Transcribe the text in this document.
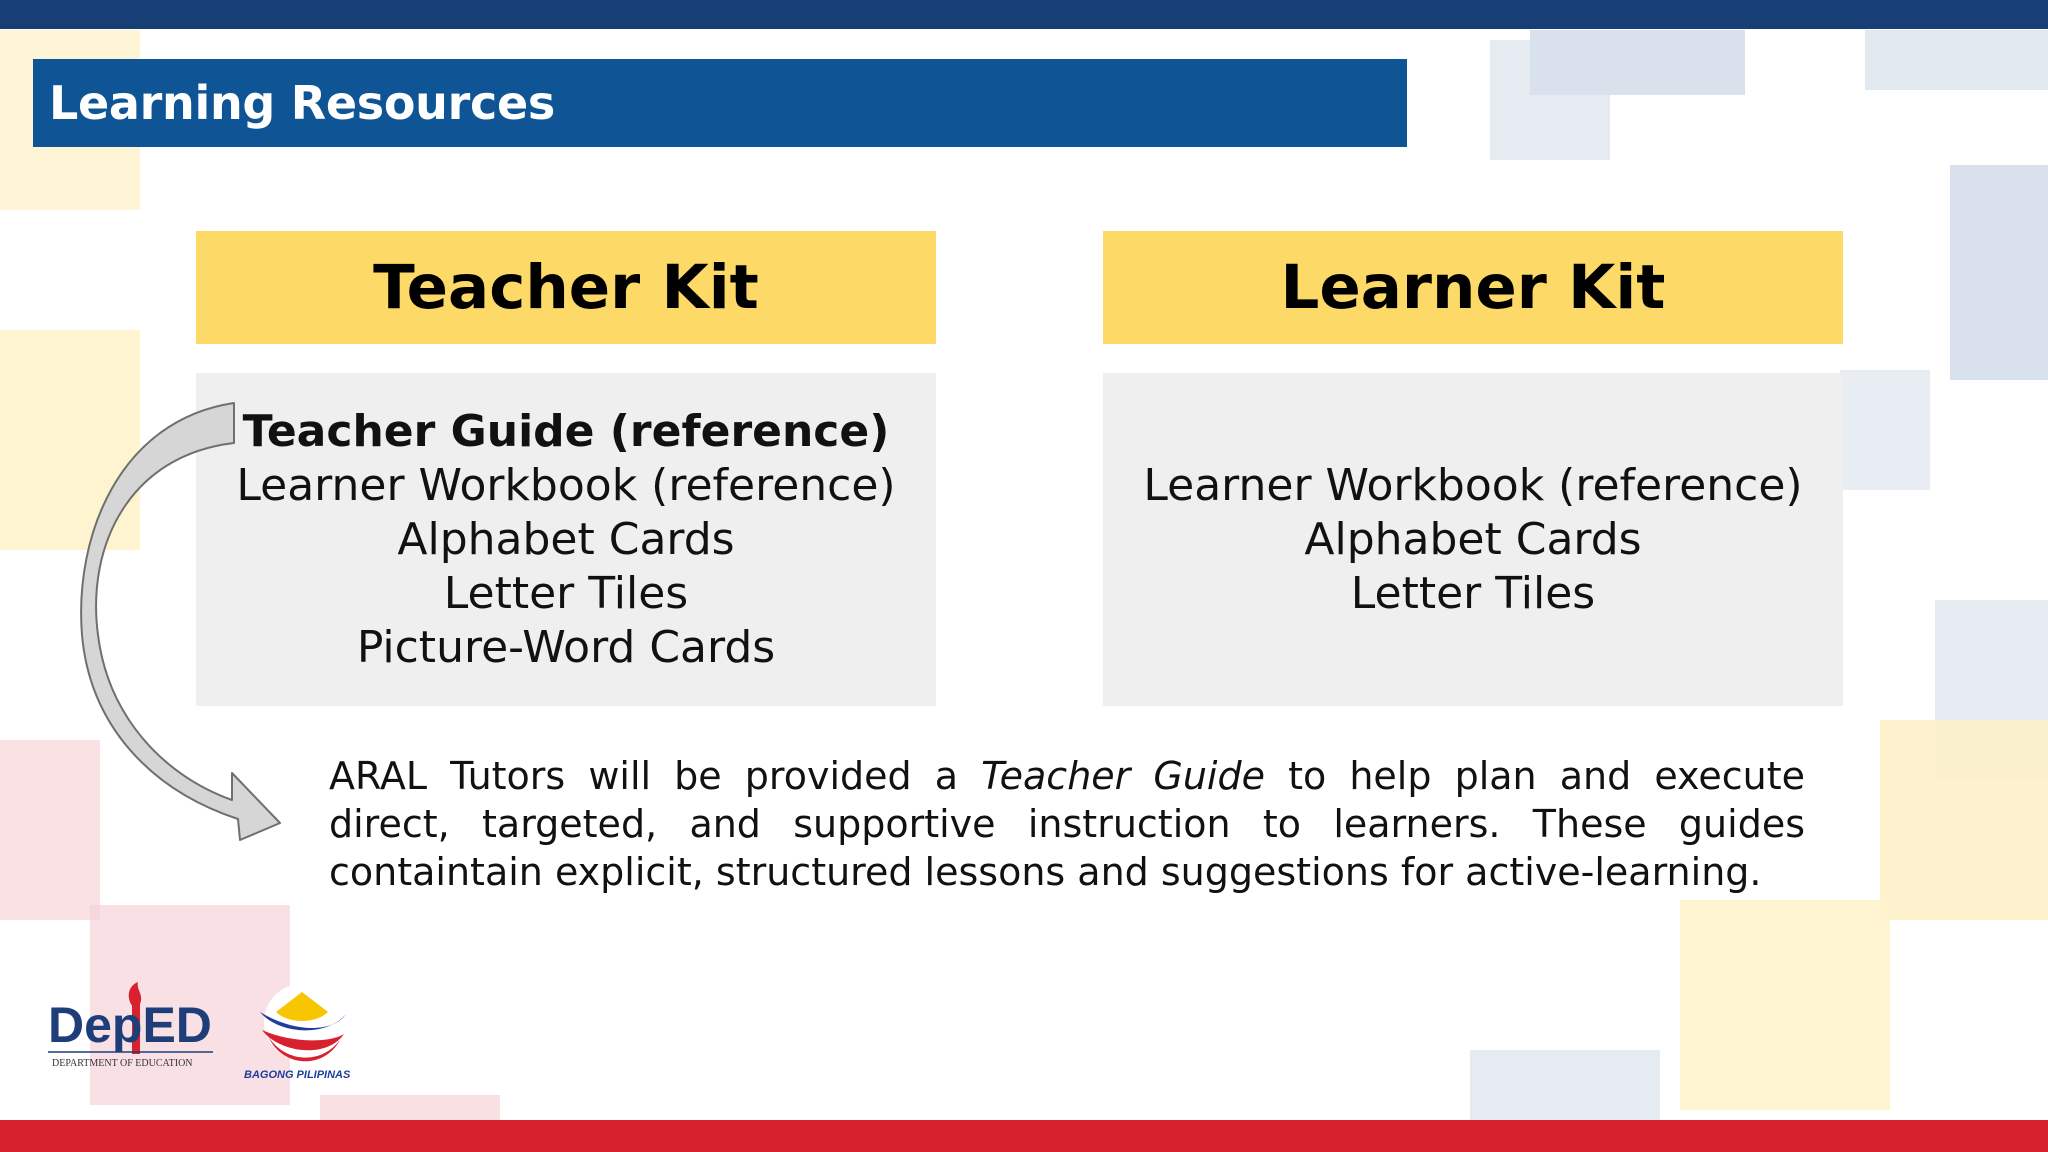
Learning Resources
Teacher Kit
Teacher Guide (reference)
Learner Workbook (reference)
Alphabet Cards
Letter Tiles
Picture-Word Cards
Learner Kit
Learner Workbook (reference)
Alphabet Cards
Letter Tiles
ARAL Tutors will be provided a Teacher Guide to help plan and execute direct, targeted, and supportive instruction to learners. These guides containtain explicit, structured lessons and suggestions for active-learning.
DepED
DEPARTMENT OF EDUCATION
BAGONG PILIPINAS
